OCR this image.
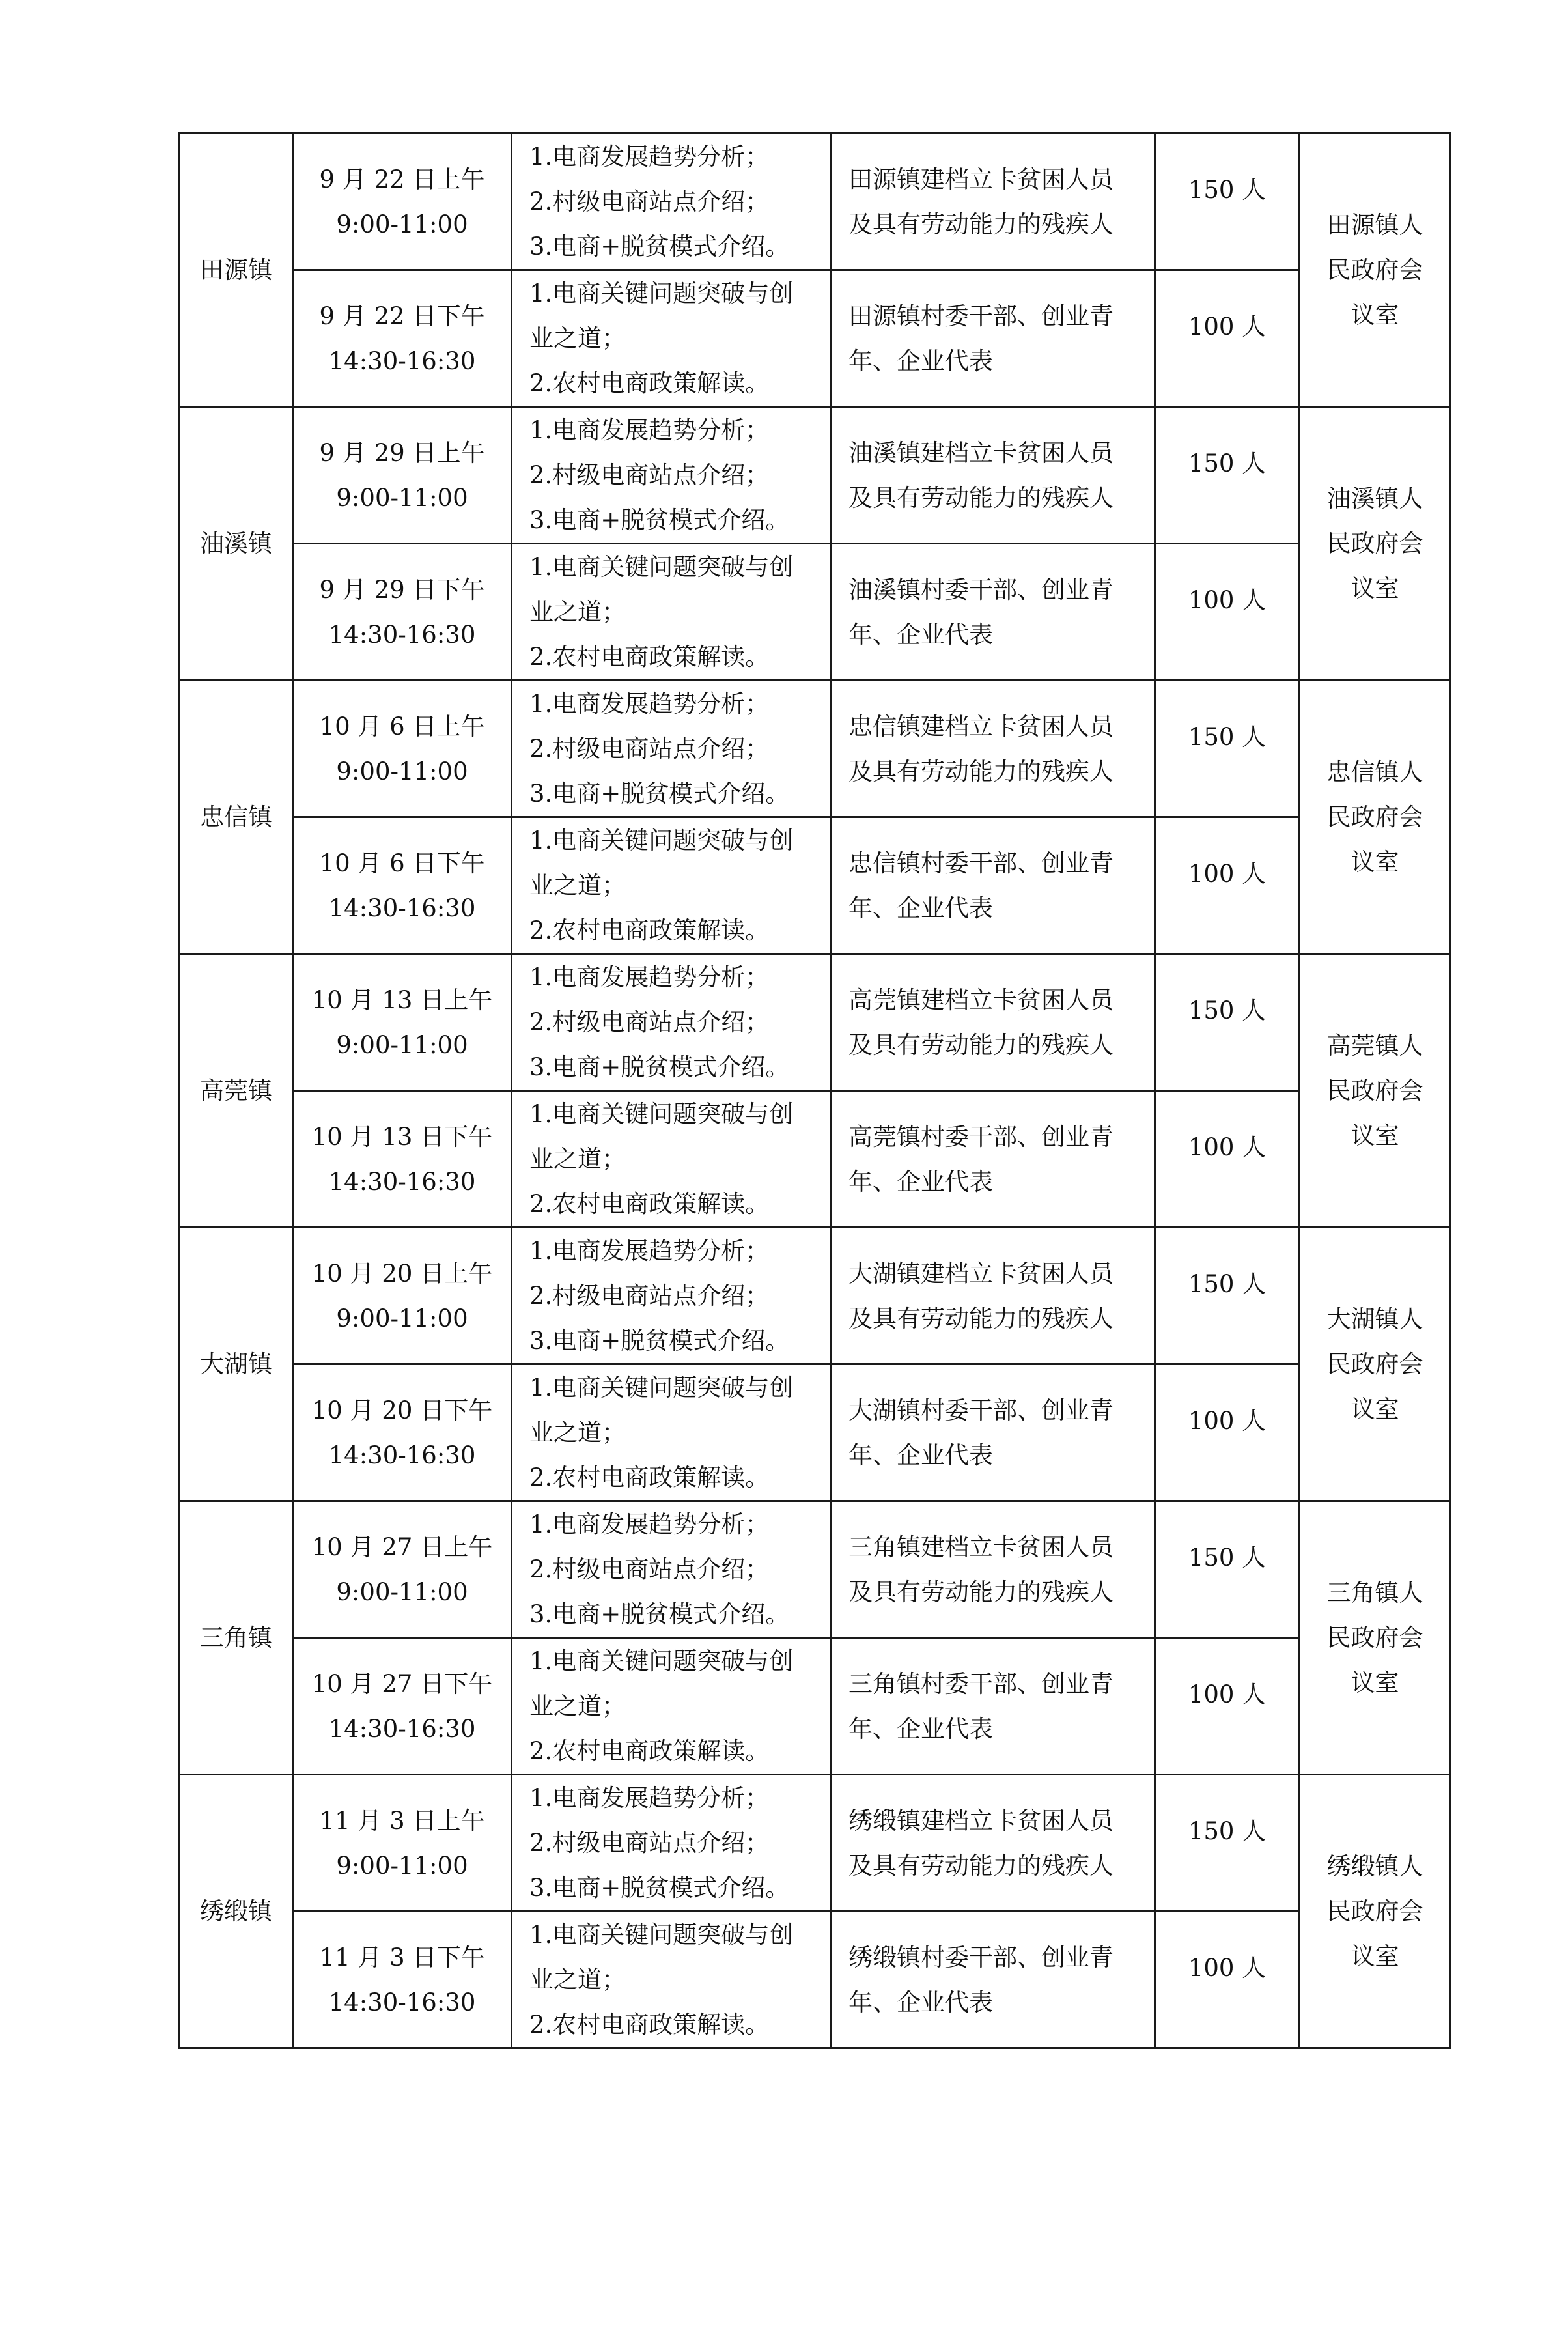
田源镇	9 月 22 日上午
9:00-11:00	1.电商发展趋势分析；
2.村级电商站点介绍；
3.电商+脱贫模式介绍。	田源镇建档立卡贫困人员
及具有劳动能力的残疾人	150 人	田源镇人
民政府会
议室

	9 月 22 日下午
14:30-16:30	1.电商关键问题突破与创
业之道；
2.农村电商政策解读。	田源镇村委干部、创业青
年、企业代表	100 人	

油溪镇	9 月 29 日上午
9:00-11:00	1.电商发展趋势分析；
2.村级电商站点介绍；
3.电商+脱贫模式介绍。	油溪镇建档立卡贫困人员
及具有劳动能力的残疾人	150 人	油溪镇人
民政府会
议室

	9 月 29 日下午
14:30-16:30	1.电商关键问题突破与创
业之道；
2.农村电商政策解读。	油溪镇村委干部、创业青
年、企业代表	100 人	

忠信镇	10 月 6 日上午
9:00-11:00	1.电商发展趋势分析；
2.村级电商站点介绍；
3.电商+脱贫模式介绍。	忠信镇建档立卡贫困人员
及具有劳动能力的残疾人	150 人	忠信镇人
民政府会
议室

	10 月 6 日下午
14:30-16:30	1.电商关键问题突破与创
业之道；
2.农村电商政策解读。	忠信镇村委干部、创业青
年、企业代表	100 人	

高莞镇	10 月 13 日上午
9:00-11:00	1.电商发展趋势分析；
2.村级电商站点介绍；
3.电商+脱贫模式介绍。	高莞镇建档立卡贫困人员
及具有劳动能力的残疾人	150 人	高莞镇人
民政府会
议室

	10 月 13 日下午
14:30-16:30	1.电商关键问题突破与创
业之道；
2.农村电商政策解读。	高莞镇村委干部、创业青
年、企业代表	100 人	

大湖镇	10 月 20 日上午
9:00-11:00	1.电商发展趋势分析；
2.村级电商站点介绍；
3.电商+脱贫模式介绍。	大湖镇建档立卡贫困人员
及具有劳动能力的残疾人	150 人	大湖镇人
民政府会
议室

	10 月 20 日下午
14:30-16:30	1.电商关键问题突破与创
业之道；
2.农村电商政策解读。	大湖镇村委干部、创业青
年、企业代表	100 人	

三角镇	10 月 27 日上午
9:00-11:00	1.电商发展趋势分析；
2.村级电商站点介绍；
3.电商+脱贫模式介绍。	三角镇建档立卡贫困人员
及具有劳动能力的残疾人	150 人	三角镇人
民政府会
议室

	10 月 27 日下午
14:30-16:30	1.电商关键问题突破与创
业之道；
2.农村电商政策解读。	三角镇村委干部、创业青
年、企业代表	100 人	

绣缎镇	11 月 3 日上午
9:00-11:00	1.电商发展趋势分析；
2.村级电商站点介绍；
3.电商+脱贫模式介绍。	绣缎镇建档立卡贫困人员
及具有劳动能力的残疾人	150 人	绣缎镇人
民政府会
议室

	11 月 3 日下午
14:30-16:30	1.电商关键问题突破与创
业之道；
2.农村电商政策解读。	绣缎镇村委干部、创业青
年、企业代表	100 人	
